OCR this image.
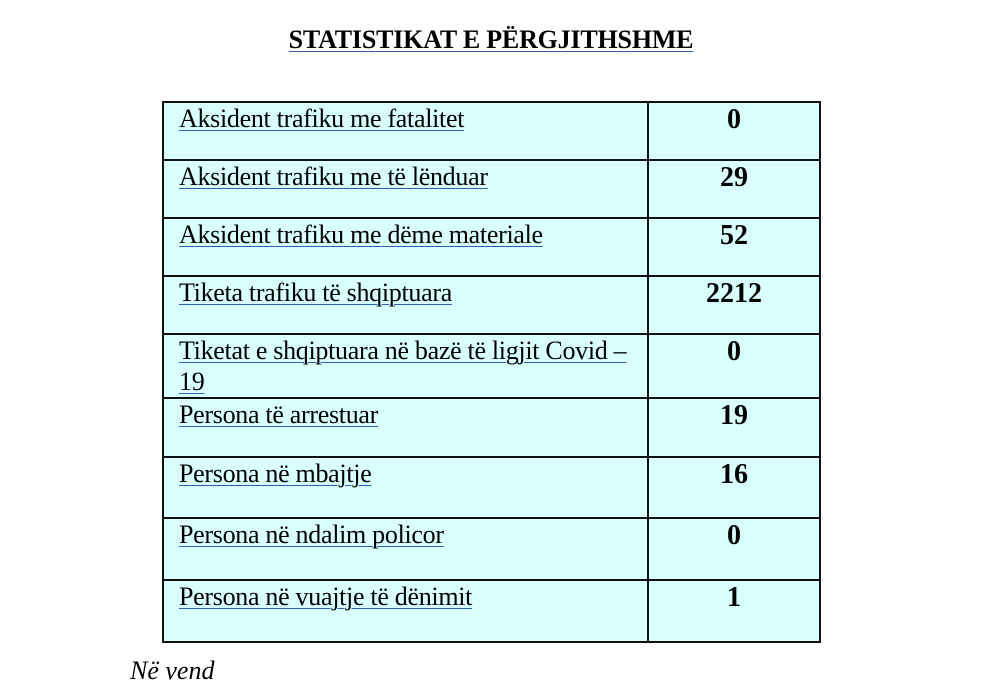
STATISTIKAT E PËRGJITHSHME
Aksident trafiku me fatalitet	0
Aksident trafiku me të lënduar	29
Aksident trafiku me dëme materiale	52
Tiketa trafiku të shqiptuara	2212
Tiketat e shqiptuara në bazë të ligjit Covid – 19	0
Persona të arrestuar	19
Persona në mbajtje	16
Persona në ndalim policor	0
Persona në vuajtje të dënimit	1
Në vend
